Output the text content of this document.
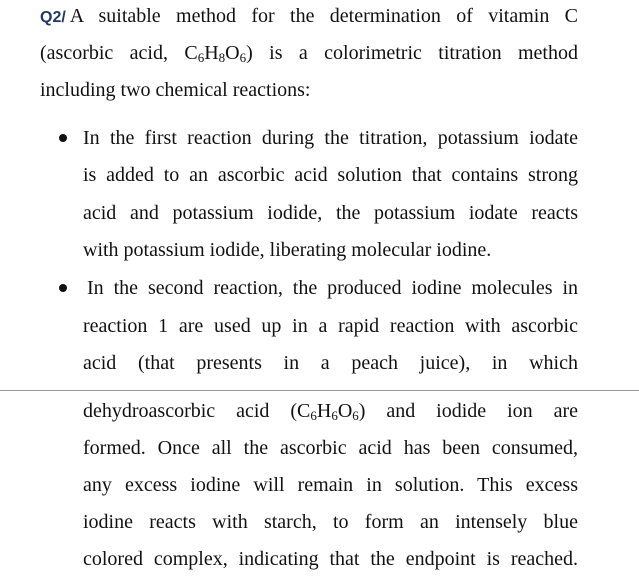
Q2/ A suitable method for the determination of vitamin C
(ascorbic acid, $C_6H_8O_6$) is a colorimetric titration method
including two chemical reactions:
In the first reaction during the titration, potassium iodate
is added to an ascorbic acid solution that contains strong
acid and potassium iodide, the potassium iodate reacts
with potassium iodide, liberating molecular iodine.
In the second reaction, the produced iodine molecules in
reaction 1 are used up in a rapid reaction with ascorbic
acid (that presents in a peach juice), in which
dehydroascorbic acid $(C_6H_6O_6)$ and iodide ion are
formed. Once all the ascorbic acid has been consumed,
any excess iodine will remain in solution. This excess
iodine reacts with starch, to form an intensely blue
colored complex, indicating that the endpoint is reached.
